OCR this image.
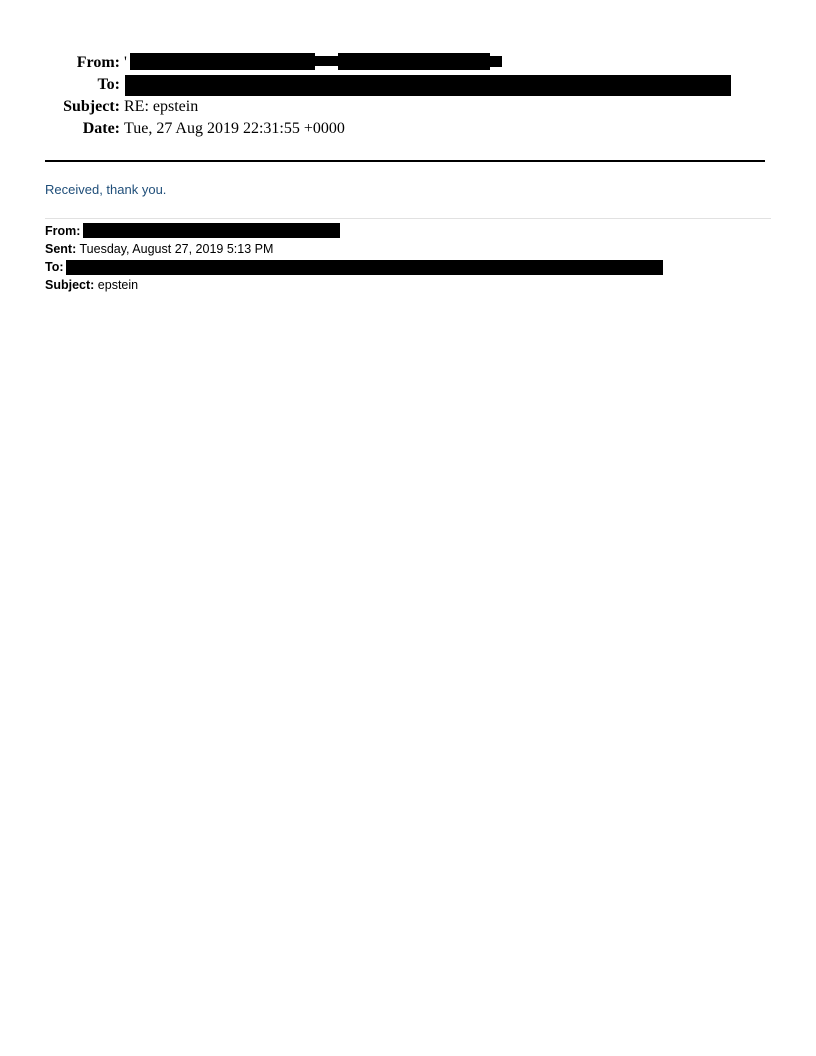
From: '
To:
Subject: RE: epstein
Date: Tue, 27 Aug 2019 22:31:55 +0000
Received, thank you.
From:
Sent: Tuesday, August 27, 2019 5:13 PM
To:
Subject: epstein
